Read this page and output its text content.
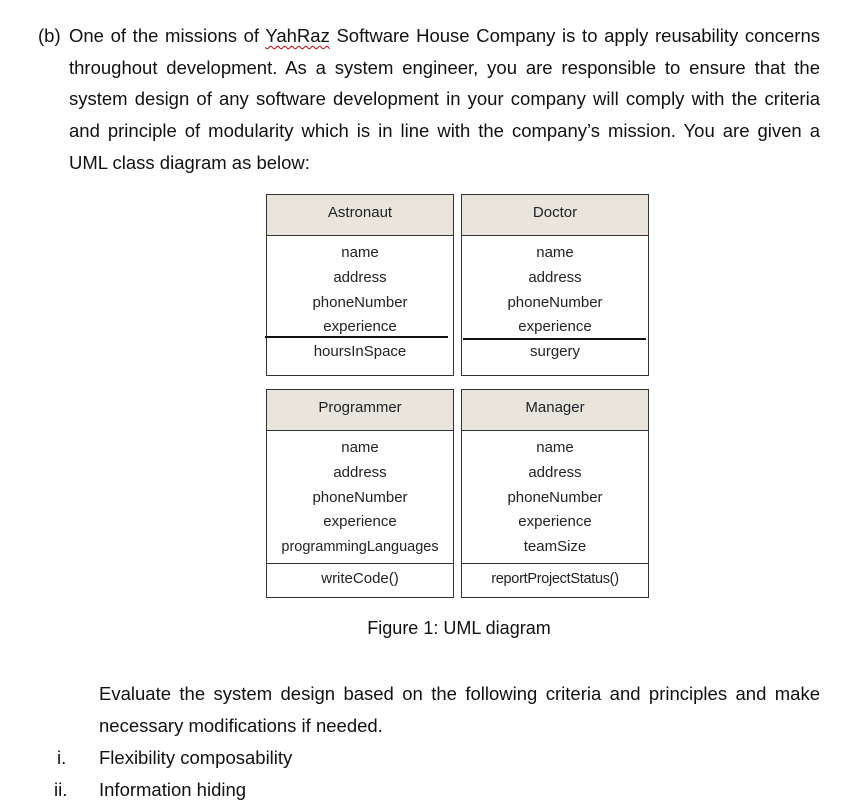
(b) One of the missions of YahRaz Software House Company is to apply reusability concerns throughout development. As a system engineer, you are responsible to ensure that the system design of any software development in your company will comply with the criteria and principle of modularity which is in line with the company’s mission. You are given a UML class diagram as below:
Astronaut
name
address
phoneNumber
experience
hoursInSpace
Doctor
name
address
phoneNumber
experience
surgery
Programmer
name
address
phoneNumber
experience
programmingLanguages
writeCode()
Manager
name
address
phoneNumber
experience
teamSize
reportProjectStatus()
Figure 1: UML diagram
Evaluate the system design based on the following criteria and principles and make necessary modifications if needed.
i. Flexibility composability
ii. Information hiding
